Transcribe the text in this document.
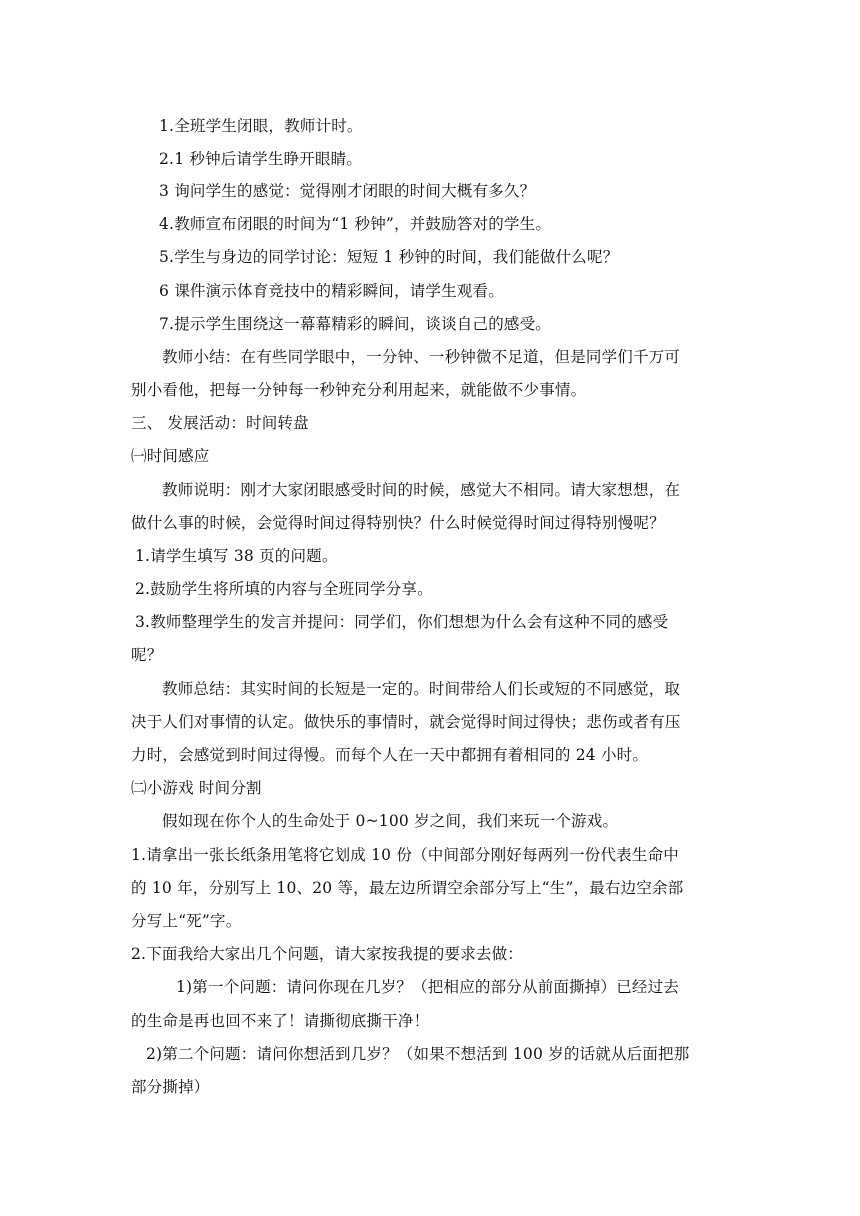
1.全班学生闭眼，教师计时。
2.1 秒钟后请学生睁开眼睛。
3 询问学生的感觉：觉得刚才闭眼的时间大概有多久？
4.教师宣布闭眼的时间为“1 秒钟”，并鼓励答对的学生。
5.学生与身边的同学讨论：短短 1 秒钟的时间，我们能做什么呢？
6 课件演示体育竞技中的精彩瞬间，请学生观看。
7.提示学生围绕这一幕幕精彩的瞬间，谈谈自己的感受。
教师小结：在有些同学眼中，一分钟、一秒钟微不足道，但是同学们千万可
别小看他，把每一分钟每一秒钟充分利用起来，就能做不少事情。
三、 发展活动：时间转盘
㈠时间感应
教师说明：刚才大家闭眼感受时间的时候，感觉大不相同。请大家想想，在
做什么事的时候，会觉得时间过得特别快？什么时候觉得时间过得特别慢呢？
1.请学生填写 38 页的问题。
2.鼓励学生将所填的内容与全班同学分享。
3.教师整理学生的发言并提问：同学们，你们想想为什么会有这种不同的感受
呢？
教师总结：其实时间的长短是一定的。时间带给人们长或短的不同感觉，取
决于人们对事情的认定。做快乐的事情时，就会觉得时间过得快；悲伤或者有压
力时，会感觉到时间过得慢。而每个人在一天中都拥有着相同的 24 小时。
㈡小游戏 时间分割
假如现在你个人的生命处于 0~100 岁之间，我们来玩一个游戏。
1.请拿出一张长纸条用笔将它划成 10 份（中间部分刚好每两列一份代表生命中
的 10 年，分别写上 10、20 等，最左边所谓空余部分写上“生”，最右边空余部
分写上“死”字。
2.下面我给大家出几个问题，请大家按我提的要求去做：
1)第一个问题：请问你现在几岁？（把相应的部分从前面撕掉）已经过去
的生命是再也回不来了！请撕彻底撕干净！
2)第二个问题：请问你想活到几岁？（如果不想活到 100 岁的话就从后面把那
部分撕掉）
